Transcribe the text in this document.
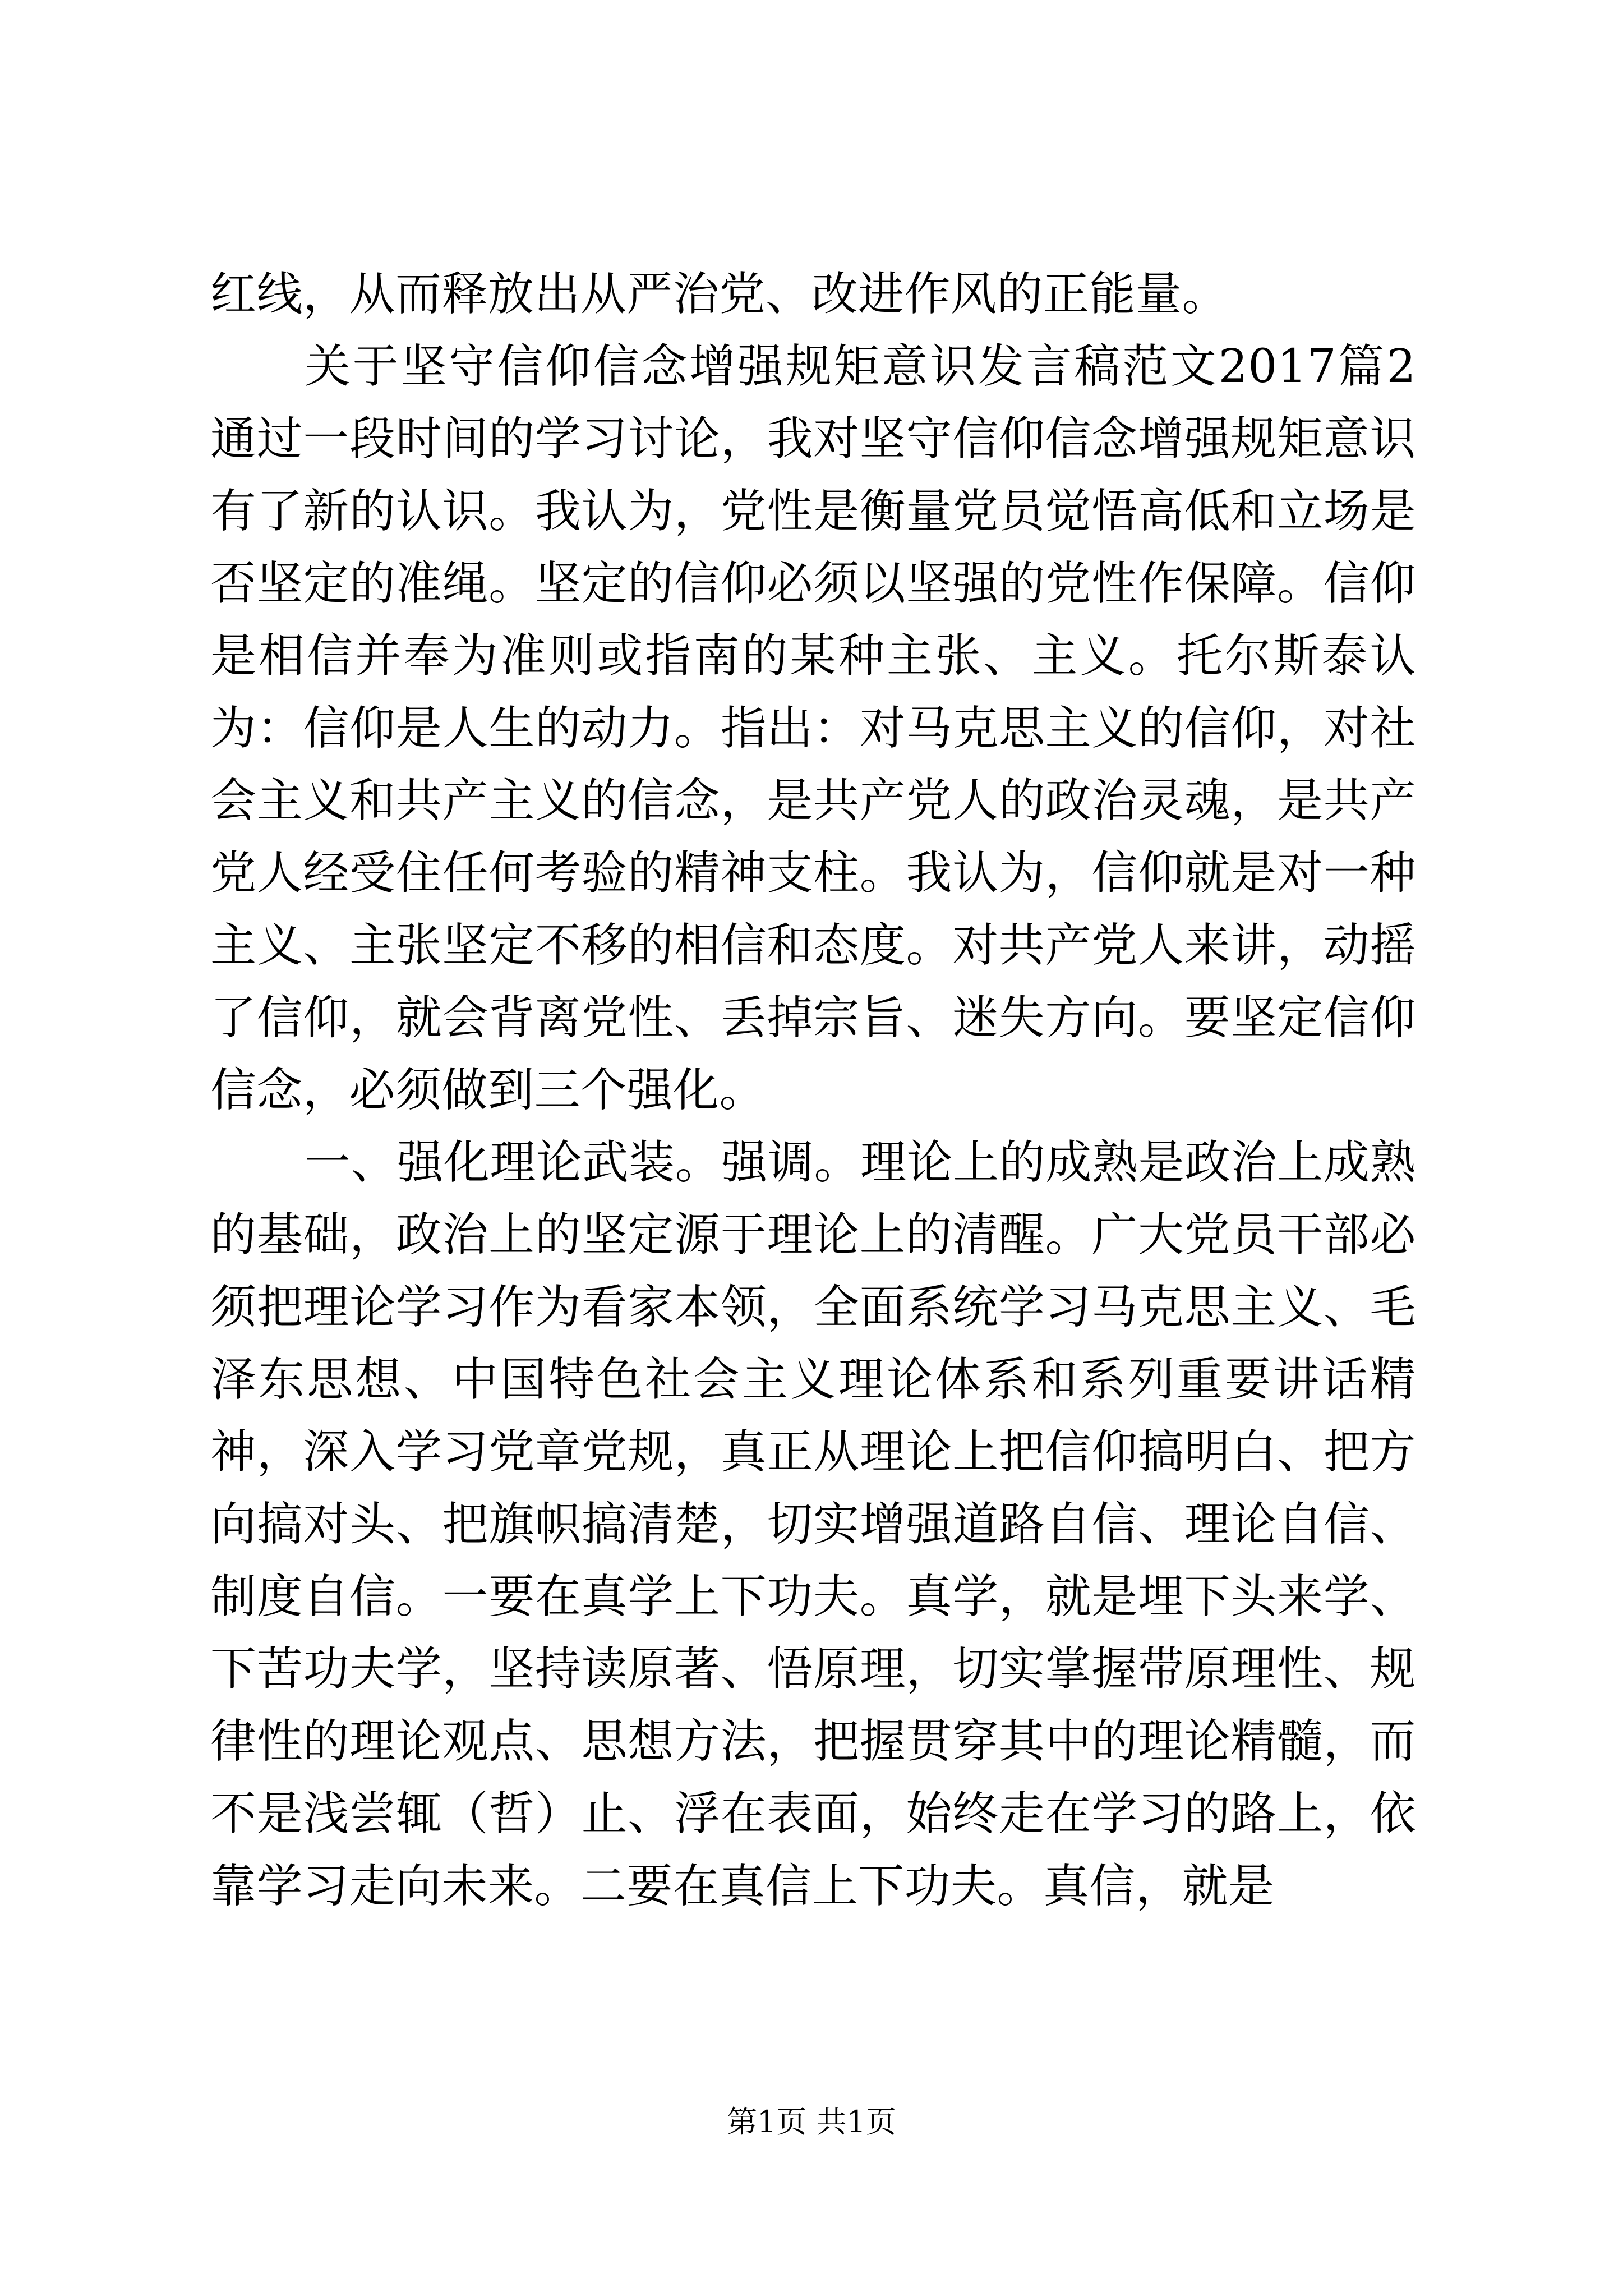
红线，从而释放出从严治党、改进作风的正能量。

关于坚守信仰信念增强规矩意识发言稿范文2017篇2通过一段时间的学习讨论，我对坚守信仰信念增强规矩意识有了新的认识。我认为，党性是衡量党员觉悟高低和立场是否坚定的准绳。坚定的信仰必须以坚强的党性作保障。信仰是相信并奉为准则或指南的某种主张、主义。托尔斯泰认为：信仰是人生的动力。指出：对马克思主义的信仰，对社会主义和共产主义的信念，是共产党人的政治灵魂，是共产党人经受住任何考验的精神支柱。我认为，信仰就是对一种主义、主张坚定不移的相信和态度。对共产党人来讲，动摇了信仰，就会背离党性、丢掉宗旨、迷失方向。要坚定信仰信念，必须做到三个强化。

一、强化理论武装。强调。理论上的成熟是政治上成熟的基础，政治上的坚定源于理论上的清醒。广大党员干部必须把理论学习作为看家本领，全面系统学习马克思主义、毛泽东思想、中国特色社会主义理论体系和系列重要讲话精神，深入学习党章党规，真正从理论上把信仰搞明白、把方向搞对头、把旗帜搞清楚，切实增强道路自信、理论自信、制度自信。一要在真学上下功夫。真学，就是埋下头来学、下苦功夫学，坚持读原著、悟原理，切实掌握带原理性、规律性的理论观点、思想方法，把握贯穿其中的理论精髓，而不是浅尝辄（哲）止、浮在表面，始终走在学习的路上，依靠学习走向未来。二要在真信上下功夫。真信，就是

第1页 共1页
